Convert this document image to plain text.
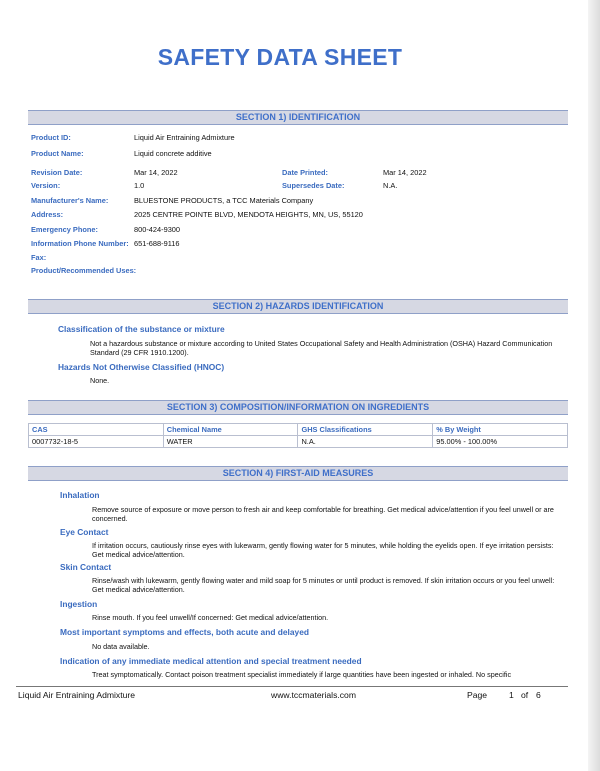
SAFETY DATA SHEET
SECTION 1) IDENTIFICATION
Product ID:	Liquid Air Entraining Admixture
Product Name:	Liquid concrete additive
Revision Date:	Mar 14, 2022	Date Printed:	Mar 14, 2022
Version:	1.0	Supersedes Date:	N.A.
Manufacturer's Name:	BLUESTONE PRODUCTS, a TCC Materials Company
Address:	2025 CENTRE POINTE BLVD, MENDOTA HEIGHTS, MN, US, 55120
Emergency Phone:	800-424-9300
Information Phone Number: 651-688-9116
Fax:
Product/Recommended Uses:
SECTION 2) HAZARDS IDENTIFICATION
Classification of the substance or mixture
Not a hazardous substance or mixture according to United States Occupational Safety and Health Administration (OSHA) Hazard Communication Standard (29 CFR 1910.1200).
Hazards Not Otherwise Classified (HNOC)
None.
SECTION 3) COMPOSITION/INFORMATION ON INGREDIENTS
CAS	Chemical Name	GHS Classifications	% By Weight
0007732-18-5	WATER	N.A.	95.00% - 100.00%
SECTION 4) FIRST-AID MEASURES
Inhalation
Remove source of exposure or move person to fresh air and keep comfortable for breathing. Get medical advice/attention if you feel unwell or are concerned.
Eye Contact
If irritation occurs, cautiously rinse eyes with lukewarm, gently flowing water for 5 minutes, while holding the eyelids open. If eye irritation persists: Get medical advice/attention.
Skin Contact
Rinse/wash with lukewarm, gently flowing water and mild soap for 5 minutes or until product is removed. If skin irritation occurs or you feel unwell: Get medical advice/attention.
Ingestion
Rinse mouth. If you feel unwell/If concerned: Get medical advice/attention.
Most important symptoms and effects, both acute and delayed
No data available.
Indication of any immediate medical attention and special treatment needed
Treat symptomatically. Contact poison treatment specialist immediately if large quantities have been ingested or inhaled. No specific
Liquid Air Entraining Admixture	www.tccmaterials.com	Page	1 of 6
